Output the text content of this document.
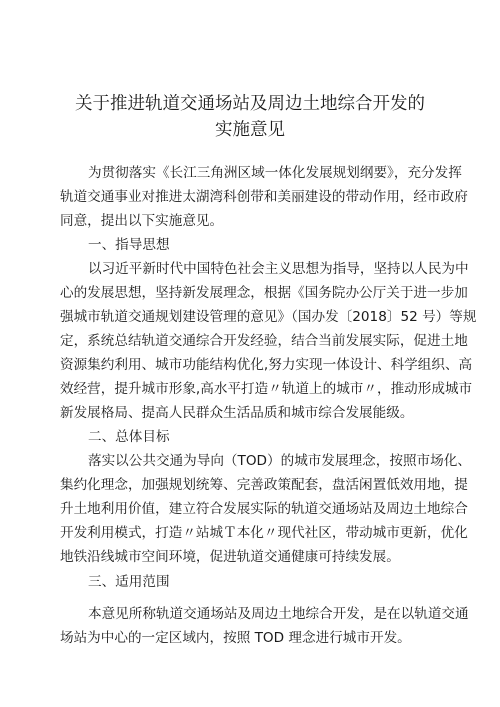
关于推进轨道交通场站及周边土地综合开发的
实施意见
为贯彻落实《长江三角洲区域一体化发展规划纲要》，充分发挥
轨道交通事业对推进太湖湾科创带和美丽建设的带动作用，经市政府
同意，提出以下实施意见。
一、指导思想
以习近平新时代中国特色社会主义思想为指导，坚持以人民为中
心的发展思想，坚持新发展理念，根据《国务院办公厅关于进一步加
强城市轨道交通规划建设管理的意见》（国办发〔2018〕52 号）等规
定，系统总结轨道交通综合开发经验，结合当前发展实际，促进土地
资源集约利用、城市功能结构优化,努力实现一体设计、科学组织、高
效经营，提升城市形象,高水平打造〃轨道上的城市〃，推动形成城市
新发展格局、提高人民群众生活品质和城市综合发展能级。
二、总体目标
落实以公共交通为导向（TOD）的城市发展理念，按照市场化、
集约化理念，加强规划统筹、完善政策配套，盘活闲置低效用地，提
升土地利用价值，建立符合发展实际的轨道交通场站及周边土地综合
开发利用模式，打造〃站城Ｔ本化〃现代社区，带动城市更新，优化
地铁沿线城市空间环境，促进轨道交通健康可持续发展。
三、适用范围
本意见所称轨道交通场站及周边土地综合开发，是在以轨道交通
场站为中心的一定区域内，按照 TOD 理念进行城市开发。
